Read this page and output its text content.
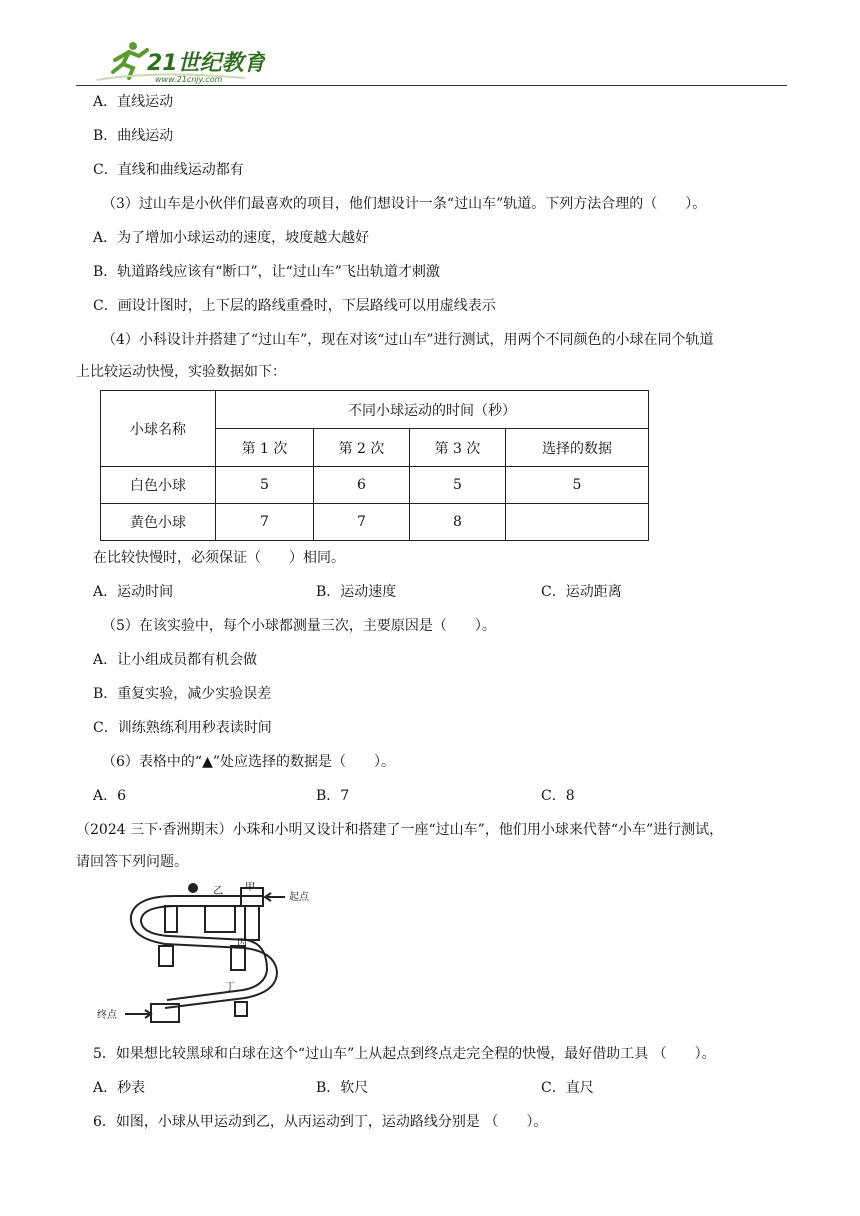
21世纪教育
www.21cnjy.com
A．直线运动
B．曲线运动
C．直线和曲线运动都有
（3）过山车是小伙伴们最喜欢的项目，他们想设计一条“过山车”轨道。下列方法合理的（　　）。
A．为了增加小球运动的速度，坡度越大越好
B．轨道路线应该有“断口”，让“过山车”飞出轨道才刺激
C．画设计图时，上下层的路线重叠时，下层路线可以用虚线表示
（4）小科设计并搭建了“过山车”，现在对该“过山车”进行测试，用两个不同颜色的小球在同个轨道
上比较运动快慢，实验数据如下：
小球名称	不同小球运动的时间（秒）			
	第 1 次	第 2 次	第 3 次	选择的数据
白色小球	5	6	5	5
黄色小球	7	7	8	
在比较快慢时，必须保证（　　）相同。
A．运动时间	B．运动速度	C．运动距离
（5）在该实验中，每个小球都测量三次，主要原因是（　　）。
A．让小组成员都有机会做
B．重复实验，减少实验误差
C．训练熟练利用秒表读时间
（6）表格中的“▲”处应选择的数据是（　　）。
A．6	B．7	C．8
（2024 三下·香洲期末）小珠和小明又设计和搭建了一座“过山车”，他们用小球来代替“小车”进行测试，
请回答下列问题。
乙 甲
丙
丁
起点
终点
5．如果想比较黑球和白球在这个“过山车”上从起点到终点走完全程的快慢，最好借助工具 （　　）。
A．秒表	B．软尺	C．直尺
6．如图，小球从甲运动到乙，从丙运动到丁，运动路线分别是 （　　）。
